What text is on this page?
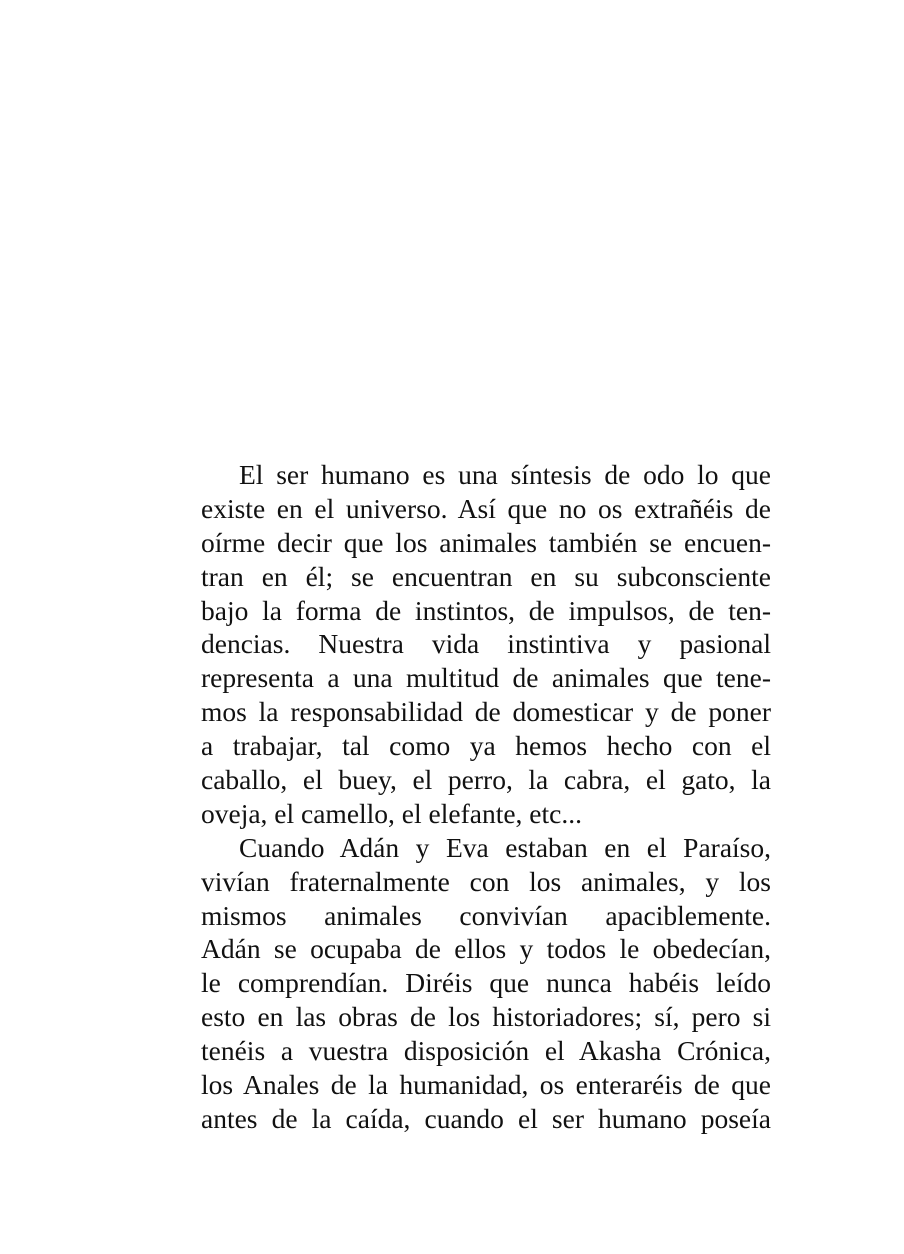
El ser humano es una síntesis de odo lo que
existe en el universo. Así que no os extrañéis de
oírme decir que los animales también se encuen-
tran en él; se encuentran en su subconsciente
bajo la forma de instintos, de impulsos, de ten-
dencias. Nuestra vida instintiva y pasional
representa a una multitud de animales que tene-
mos la responsabilidad de domesticar y de poner
a trabajar, tal como ya hemos hecho con el
caballo, el buey, el perro, la cabra, el gato, la
oveja, el camello, el elefante, etc...
Cuando Adán y Eva estaban en el Paraíso,
vivían fraternalmente con los animales, y los
mismos animales convivían apaciblemente.
Adán se ocupaba de ellos y todos le obedecían,
le comprendían. Diréis que nunca habéis leído
esto en las obras de los historiadores; sí, pero si
tenéis a vuestra disposición el Akasha Crónica,
los Anales de la humanidad, os enteraréis de que
antes de la caída, cuando el ser humano poseía
